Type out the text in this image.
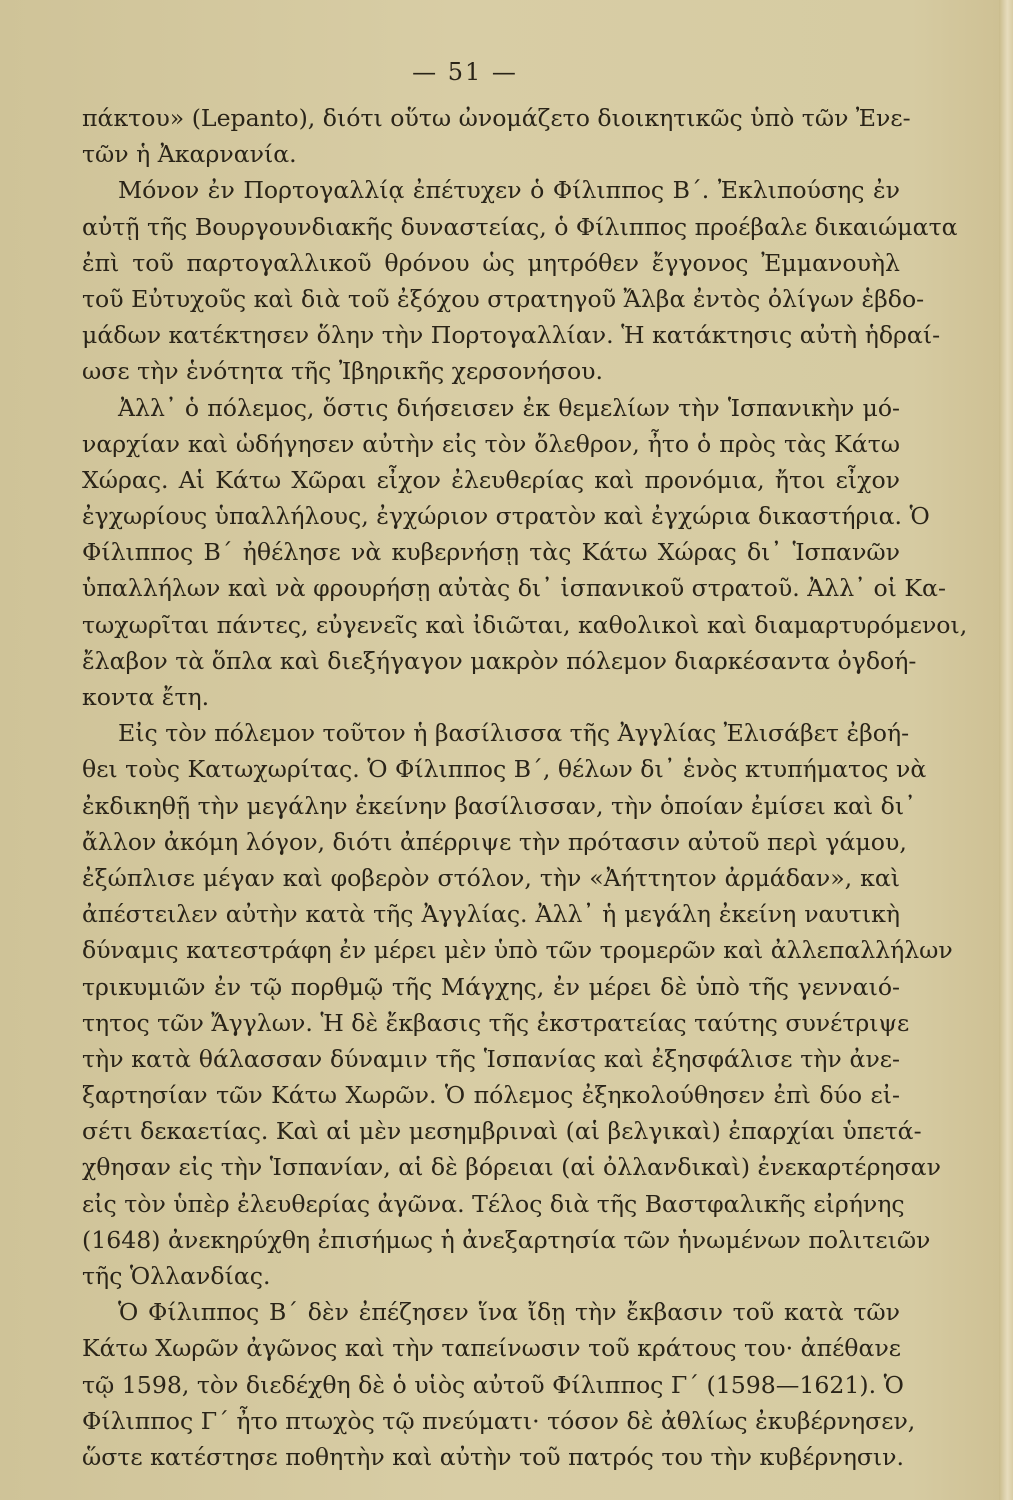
— 51 —
πάκτου» (Lepanto), διότι οὕτω ὠνομάζετο διοικητικῶς ὑπὸ τῶν Ἐνε-
τῶν ἡ Ἀκαρνανία.
Μόνον ἐν Πορτογαλλίᾳ ἐπέτυχεν ὁ Φίλιππος Β΄. Ἐκλιπούσης ἐν
αὐτῇ τῆς Βουργουνδιακῆς δυναστείας, ὁ Φίλιππος προέβαλε δικαιώματα
ἐπὶ τοῦ παρτογαλλικοῦ θρόνου ὡς μητρόθεν ἔγγονος Ἐμμανουὴλ
τοῦ Εὐτυχοῦς καὶ διὰ τοῦ ἐξόχου στρατηγοῦ Ἄλβα ἐντὸς ὀλίγων ἑβδο-
μάδων κατέκτησεν ὅλην τὴν Πορτογαλλίαν. Ἡ κατάκτησις αὐτὴ ἡδραί-
ωσε τὴν ἑνότητα τῆς Ἰβηρικῆς χερσονήσου.
Ἀλλ᾿ ὁ πόλεμος, ὅστις διήσεισεν ἐκ θεμελίων τὴν Ἱσπανικὴν μό-
ναρχίαν καὶ ὡδήγησεν αὐτὴν εἰς τὸν ὄλεθρον, ἦτο ὁ πρὸς τὰς Κάτω
Χώρας. Αἱ Κάτω Χῶραι εἶχον ἐλευθερίας καὶ προνόμια, ἤτοι εἶχον
ἐγχωρίους ὑπαλλήλους, ἐγχώριον στρατὸν καὶ ἐγχώρια δικαστήρια. Ὁ
Φίλιππος Β΄ ἠθέλησε νὰ κυβερνήσῃ τὰς Κάτω Χώρας δι᾿ Ἱσπανῶν
ὑπαλλήλων καὶ νὰ φρουρήσῃ αὐτὰς δι᾿ ἱσπανικοῦ στρατοῦ. Ἀλλ᾿ οἱ Κα-
τωχωρῖται πάντες, εὐγενεῖς καὶ ἰδιῶται, καθολικοὶ καὶ διαμαρτυρόμενοι,
ἔλαβον τὰ ὅπλα καὶ διεξήγαγον μακρὸν πόλεμον διαρκέσαντα ὀγδοή-
κοντα ἔτη.
Εἰς τὸν πόλεμον τοῦτον ἡ βασίλισσα τῆς Ἀγγλίας Ἐλισάβετ ἐβοή-
θει τοὺς Κατωχωρίτας. Ὁ Φίλιππος Β΄, θέλων δι᾿ ἑνὸς κτυπήματος νὰ
ἐκδικηθῇ τὴν μεγάλην ἐκείνην βασίλισσαν, τὴν ὁποίαν ἐμίσει καὶ δι᾿
ἄλλον ἀκόμη λόγον, διότι ἀπέρριψε τὴν πρότασιν αὐτοῦ περὶ γάμου,
ἐξώπλισε μέγαν καὶ φοβερὸν στόλον, τὴν «Ἀήττητον ἀρμάδαν», καὶ
ἀπέστειλεν αὐτὴν κατὰ τῆς Ἀγγλίας. Ἀλλ᾿ ἡ μεγάλη ἐκείνη ναυτικὴ
δύναμις κατεστράφη ἐν μέρει μὲν ὑπὸ τῶν τρομερῶν καὶ ἀλλεπαλλήλων
τρικυμιῶν ἐν τῷ πορθμῷ τῆς Μάγχης, ἐν μέρει δὲ ὑπὸ τῆς γενναιό-
τητος τῶν Ἄγγλων. Ἡ δὲ ἔκβασις τῆς ἐκστρατείας ταύτης συνέτριψε
τὴν κατὰ θάλασσαν δύναμιν τῆς Ἱσπανίας καὶ ἐξησφάλισε τὴν ἀνε-
ξαρτησίαν τῶν Κάτω Χωρῶν. Ὁ πόλεμος ἐξηκολούθησεν ἐπὶ δύο εἰ-
σέτι δεκαετίας. Καὶ αἱ μὲν μεσημβριναὶ (αἱ βελγικαὶ) ἐπαρχίαι ὑπετά-
χθησαν εἰς τὴν Ἱσπανίαν, αἱ δὲ βόρειαι (αἱ ὀλλανδικαὶ) ἐνεκαρτέρησαν
εἰς τὸν ὑπὲρ ἐλευθερίας ἀγῶνα. Τέλος διὰ τῆς Βαστφαλικῆς εἰρήνης
(1648) ἀνεκηρύχθη ἐπισήμως ἡ ἀνεξαρτησία τῶν ἡνωμένων πολιτειῶν
τῆς Ὁλλανδίας.
Ὁ Φίλιππος Β΄ δὲν ἐπέζησεν ἵνα ἴδῃ τὴν ἔκβασιν τοῦ κατὰ τῶν
Κάτω Χωρῶν ἀγῶνος καὶ τὴν ταπείνωσιν τοῦ κράτους του· ἀπέθανε
τῷ 1598, τὸν διεδέχθη δὲ ὁ υἱὸς αὐτοῦ Φίλιππος Γ΄ (1598—1621). Ὁ
Φίλιππος Γ΄ ἦτο πτωχὸς τῷ πνεύματι· τόσον δὲ ἀθλίως ἐκυβέρνησεν,
ὥστε κατέστησε ποθητὴν καὶ αὐτὴν τοῦ πατρός του τὴν κυβέρνησιν.
